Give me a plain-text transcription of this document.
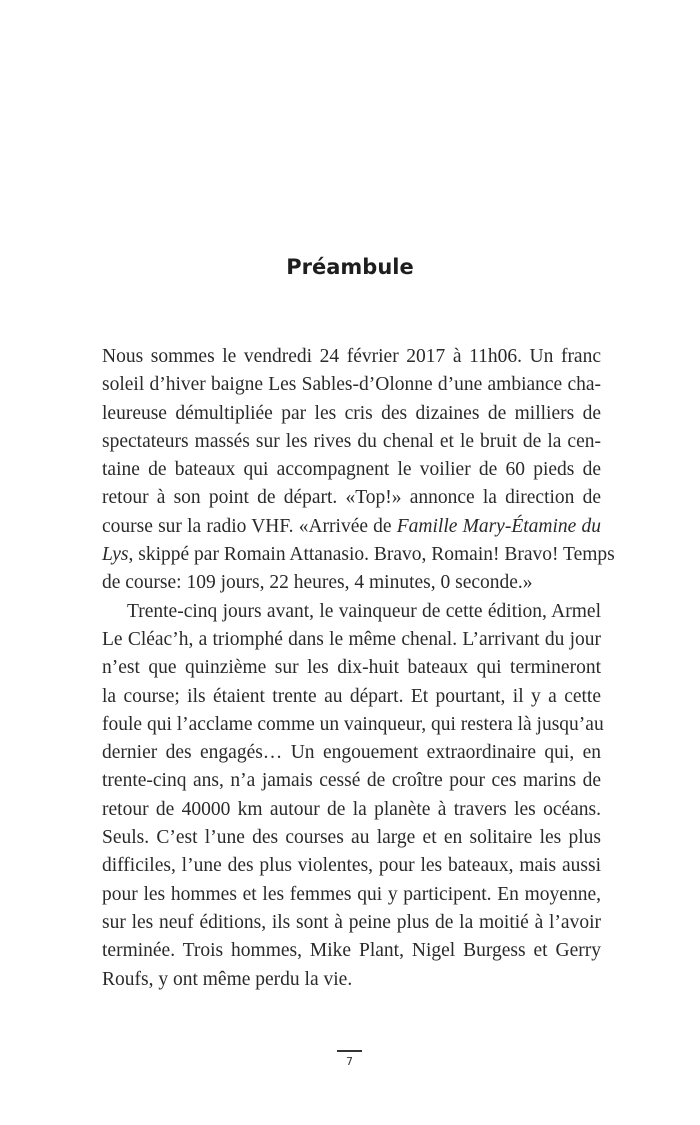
Préambule
Nous sommes le vendredi 24 février 2017 à 11h06. Un franc
soleil d’hiver baigne Les Sables-d’Olonne d’une ambiance cha-
leureuse démultipliée par les cris des dizaines de milliers de
spectateurs massés sur les rives du chenal et le bruit de la cen-
taine de bateaux qui accompagnent le voilier de 60 pieds de
retour à son point de départ. «Top!» annonce la direction de
course sur la radio VHF. «Arrivée de Famille Mary-Étamine du
Lys, skippé par Romain Attanasio. Bravo, Romain! Bravo! Temps
de course: 109 jours, 22 heures, 4 minutes, 0 seconde.»
Trente-cinq jours avant, le vainqueur de cette édition, Armel
Le Cléac’h, a triomphé dans le même chenal. L’arrivant du jour
n’est que quinzième sur les dix-huit bateaux qui termineront
la course; ils étaient trente au départ. Et pourtant, il y a cette
foule qui l’acclame comme un vainqueur, qui restera là jusqu’au
dernier des engagés… Un engouement extraordinaire qui, en
trente-cinq ans, n’a jamais cessé de croître pour ces marins de
retour de 40000 km autour de la planète à travers les océans.
Seuls. C’est l’une des courses au large et en solitaire les plus
difficiles, l’une des plus violentes, pour les bateaux, mais aussi
pour les hommes et les femmes qui y participent. En moyenne,
sur les neuf éditions, ils sont à peine plus de la moitié à l’avoir
terminée. Trois hommes, Mike Plant, Nigel Burgess et Gerry
Roufs, y ont même perdu la vie.
7
